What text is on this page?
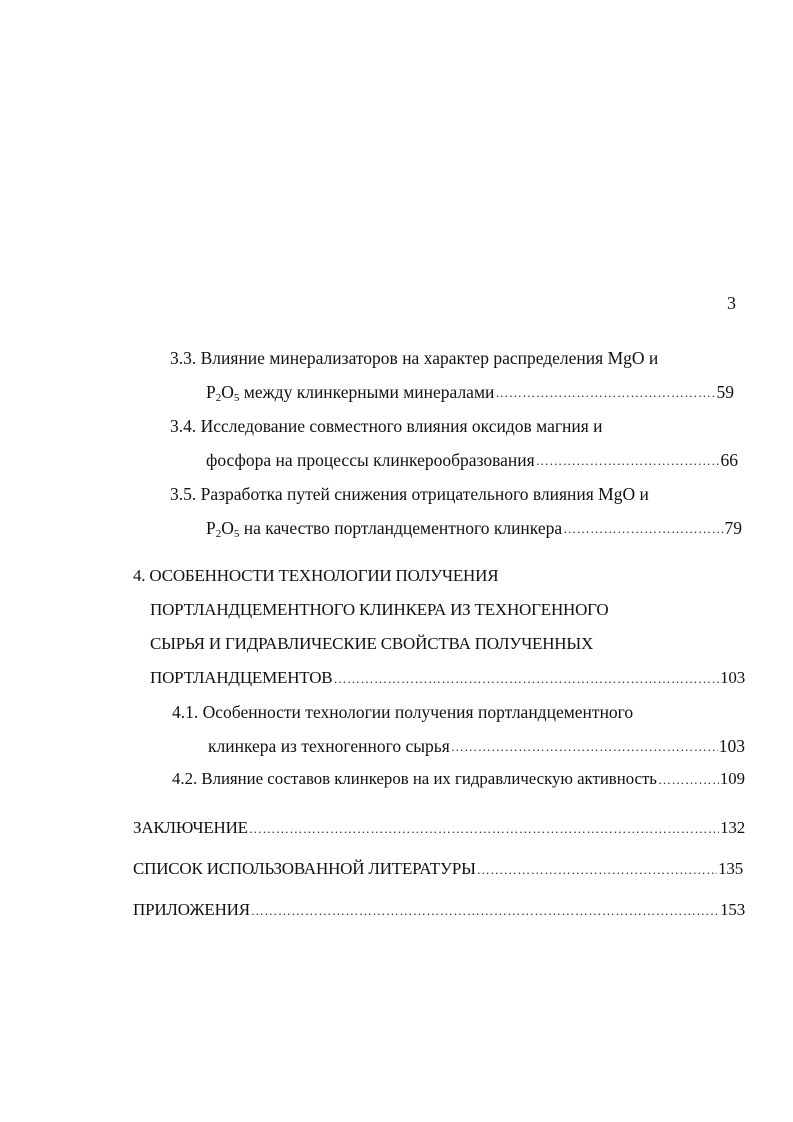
3
3.3. Влияние минерализаторов на характер распределения MgO и
$P_2O_5$ между клинкерными минералами …………………………………………………………………………………………………………………………………………	59
3.4. Исследование совместного влияния оксидов магния и
фосфора на процессы клинкерообразования …………………………………………………………………………………………………………………………………………	66
3.5. Разработка путей снижения отрицательного влияния MgO и
$P_2O_5$ на качество портландцементного клинкера …………………………………………………………………………………………………………………………………………	79
4. ОСОБЕННОСТИ ТЕХНОЛОГИИ ПОЛУЧЕНИЯ
ПОРТЛАНДЦЕМЕНТНОГО КЛИНКЕРА ИЗ ТЕХНОГЕННОГО
СЫРЬЯ И ГИДРАВЛИЧЕСКИЕ СВОЙСТВА ПОЛУЧЕННЫХ
ПОРТЛАНДЦЕМЕНТОВ …………………………………………………………………………………………………………………………………………	103
4.1. Особенности технологии получения портландцементного
клинкера из техногенного сырья …………………………………………………………………………………………………………………………………………	103
4.2. Влияние составов клинкеров на их гидравлическую активность …………………………………………………………………………………………………………………………………………	109
ЗАКЛЮЧЕНИЕ …………………………………………………………………………………………………………………………………………	132
СПИСОК ИСПОЛЬЗОВАННОЙ ЛИТЕРАТУРЫ …………………………………………………………………………………………………………………………………………	135
ПРИЛОЖЕНИЯ …………………………………………………………………………………………………………………………………………	153
